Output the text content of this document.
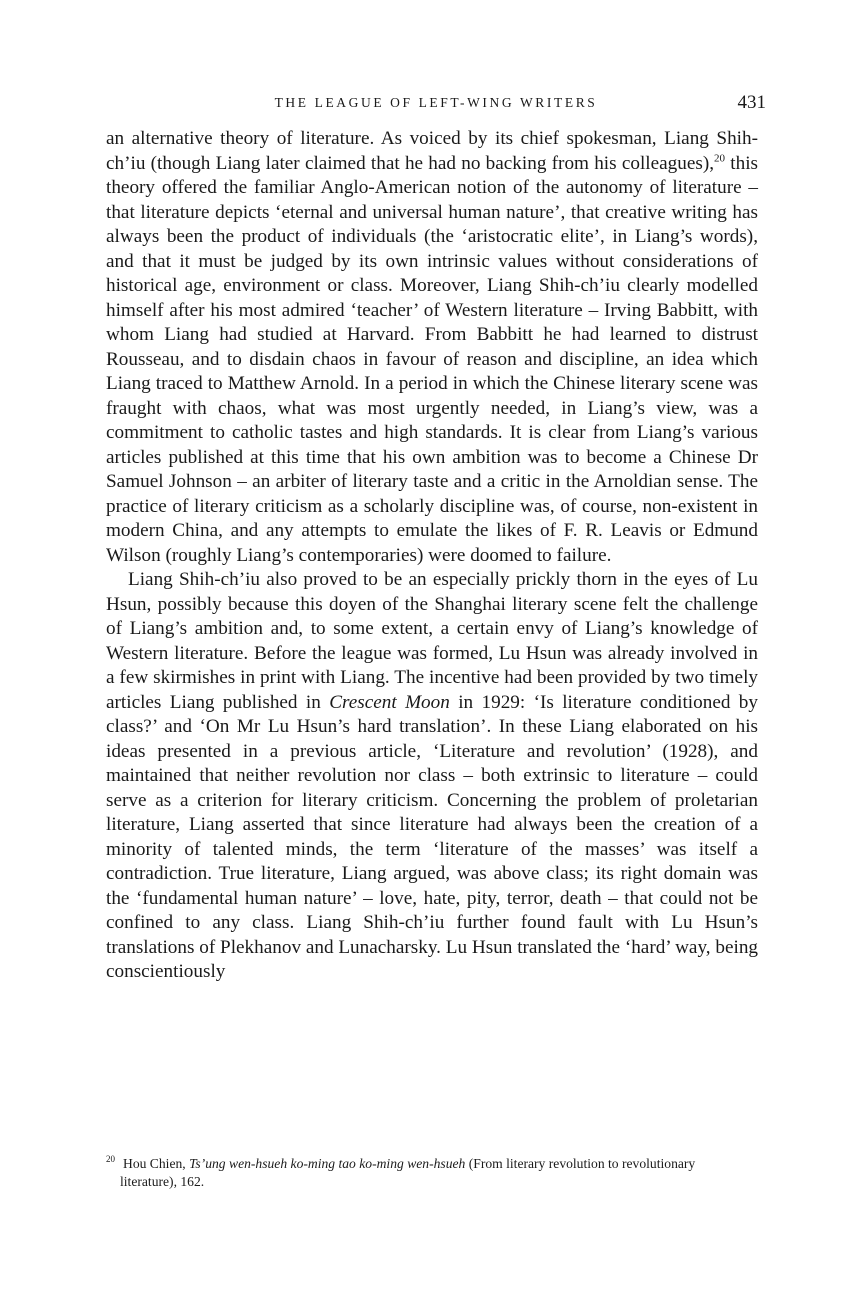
THE LEAGUE OF LEFT-WING WRITERS	431

an alternative theory of literature. As voiced by its chief spokesman, Liang Shih-ch’iu (though Liang later claimed that he had no backing from his colleagues),$^{20}$ this theory offered the familiar Anglo-American notion of the autonomy of literature – that literature depicts ‘eternal and universal human nature’, that creative writing has always been the product of individuals (the ‘aristocratic elite’, in Liang’s words), and that it must be judged by its own intrinsic values without considerations of historical age, environment or class. Moreover, Liang Shih-ch’iu clearly modelled himself after his most admired ‘teacher’ of Western literature – Irving Babbitt, with whom Liang had studied at Harvard. From Babbitt he had learned to distrust Rousseau, and to disdain chaos in favour of reason and discipline, an idea which Liang traced to Matthew Arnold. In a period in which the Chinese literary scene was fraught with chaos, what was most urgently needed, in Liang’s view, was a commitment to catholic tastes and high standards. It is clear from Liang’s various articles published at this time that his own ambition was to become a Chinese Dr Samuel Johnson – an arbiter of literary taste and a critic in the Arnoldian sense. The practice of literary criticism as a scholarly discipline was, of course, non-existent in modern China, and any attempts to emulate the likes of F. R. Leavis or Edmund Wilson (roughly Liang’s contemporaries) were doomed to failure.

Liang Shih-ch’iu also proved to be an especially prickly thorn in the eyes of Lu Hsun, possibly because this doyen of the Shanghai literary scene felt the challenge of Liang’s ambition and, to some extent, a certain envy of Liang’s knowledge of Western literature. Before the league was formed, Lu Hsun was already involved in a few skirmishes in print with Liang. The incentive had been provided by two timely articles Liang published in Crescent Moon in 1929: ‘Is literature conditioned by class?’ and ‘On Mr Lu Hsun’s hard translation’. In these Liang elaborated on his ideas presented in a previous article, ‘Literature and revolution’ (1928), and maintained that neither revolution nor class – both extrinsic to literature – could serve as a criterion for literary criticism. Concerning the problem of proletarian literature, Liang asserted that since literature had always been the creation of a minority of talented minds, the term ‘literature of the masses’ was itself a contradiction. True literature, Liang argued, was above class; its right domain was the ‘fundamental human nature’ – love, hate, pity, terror, death – that could not be confined to any class. Liang Shih-ch’iu further found fault with Lu Hsun’s translations of Plekhanov and Lunacharsky. Lu Hsun translated the ‘hard’ way, being conscientiously

$^{20}$ Hou Chien, Ts’ung wen-hsueh ko-ming tao ko-ming wen-hsueh (From literary revolution to revolutionary
literature), 162.
